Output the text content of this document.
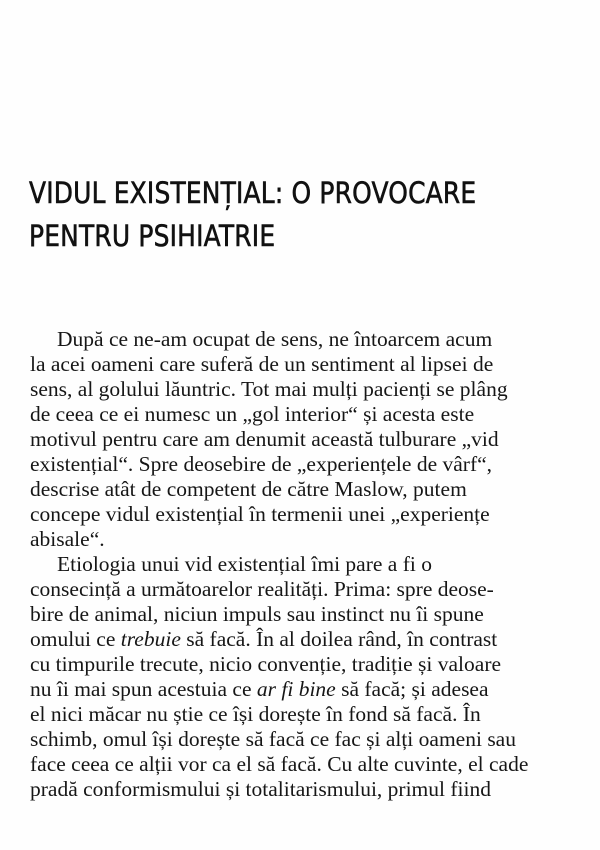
VIDUL EXISTENȚIAL: O PROVOCARE
PENTRU PSIHIATRIE
După ce ne-am ocupat de sens, ne întoarcem acum
la acei oameni care suferă de un sentiment al lipsei de
sens, al golului lăuntric. Tot mai mulți pacienți se plâng
de ceea ce ei numesc un „gol interior“ și acesta este
motivul pentru care am denumit această tulburare „vid
existențial“. Spre deosebire de „experiențele de vârf“,
descrise atât de competent de către Maslow, putem
concepe vidul existențial în termenii unei „experiențe
abisale“.
Etiologia unui vid existențial îmi pare a fi o
consecință a următoarelor realități. Prima: spre deose-
bire de animal, niciun impuls sau instinct nu îi spune
omului ce trebuie să facă. În al doilea rând, în contrast
cu timpurile trecute, nicio convenție, tradiție și valoare
nu îi mai spun acestuia ce ar fi bine să facă; și adesea
el nici măcar nu știe ce își dorește în fond să facă. În
schimb, omul își dorește să facă ce fac și alți oameni sau
face ceea ce alții vor ca el să facă. Cu alte cuvinte, el cade
pradă conformismului și totalitarismului, primul fiind
